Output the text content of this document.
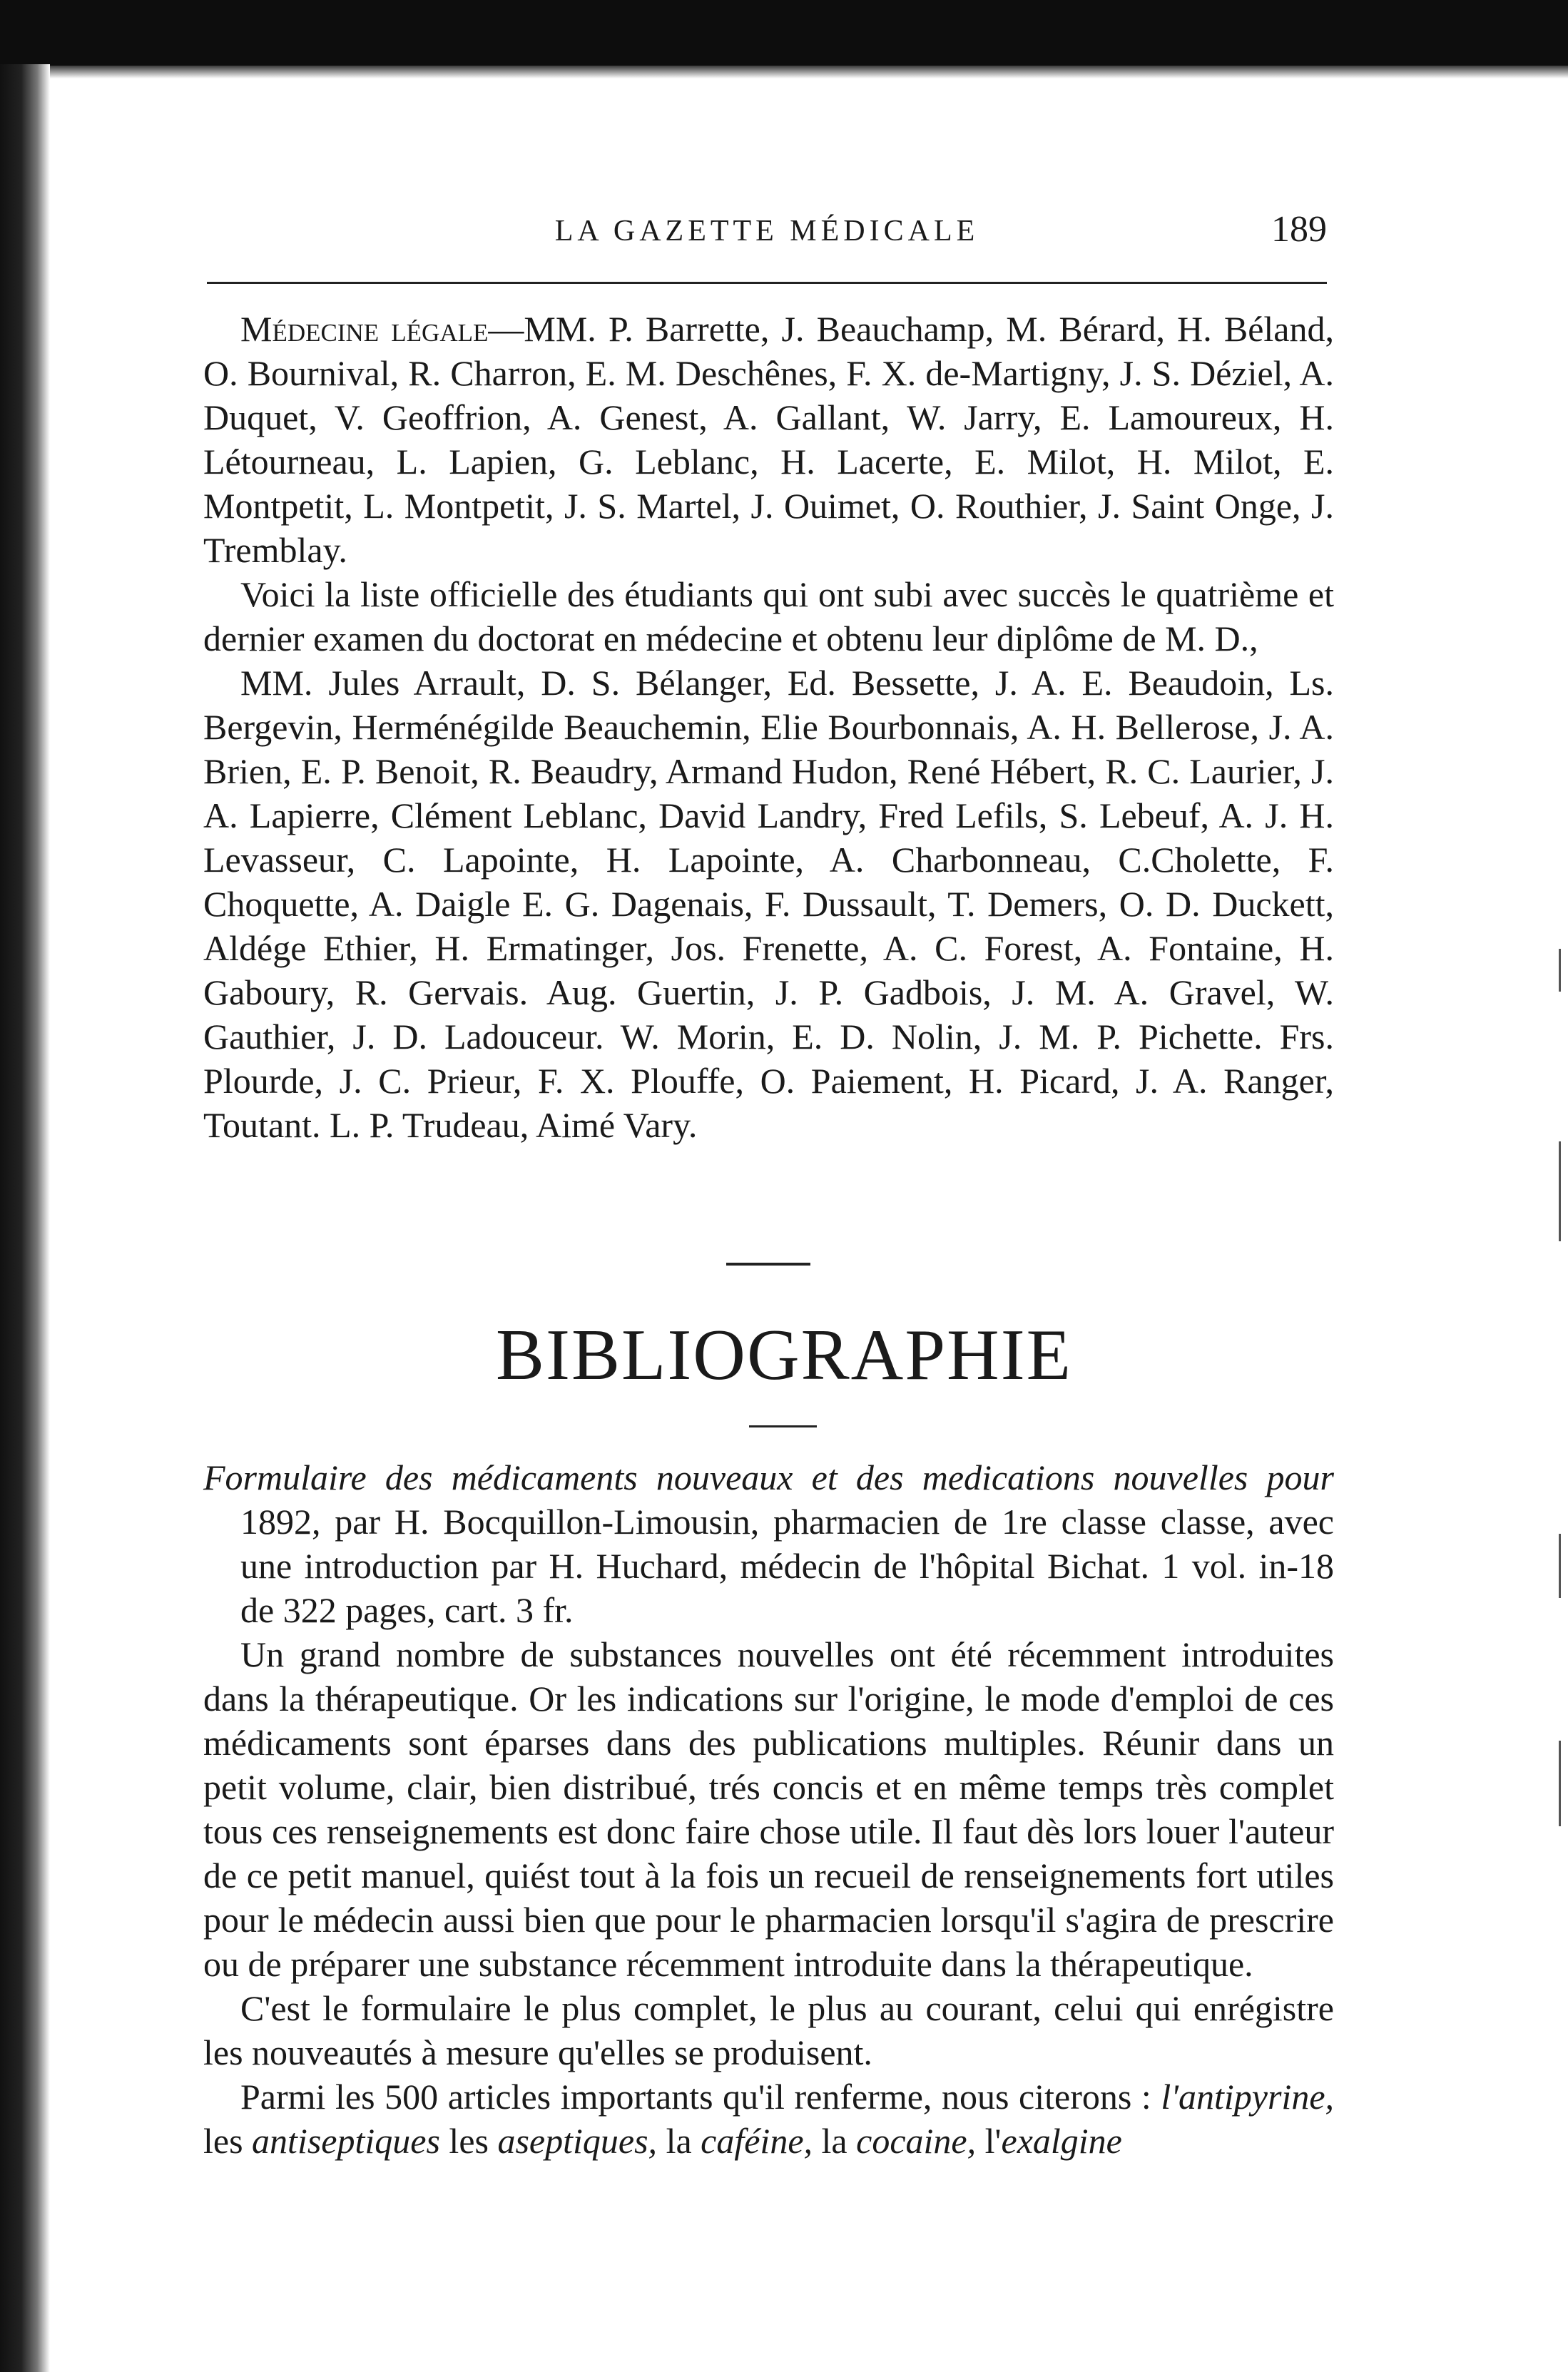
LA GAZETTE MÉDICALE	189

Médecine légale—MM. P. Barrette, J. Beauchamp, M. Bérard, H. Béland, O. Bournival, R. Charron, E. M. Deschênes, F. X. de-Martigny, J. S. Déziel, A. Duquet, V. Geoffrion, A. Genest, A. Gallant, W. Jarry, E. Lamoureux, H. Létourneau, L. Lapien, G. Leblanc, H. Lacerte, E. Milot, H. Milot, E. Montpetit, L. Montpetit, J. S. Martel, J. Ouimet, O. Routhier, J. Saint Onge, J. Tremblay.

Voici la liste officielle des étudiants qui ont subi avec succès le quatrième et dernier examen du doctorat en médecine et obtenu leur diplôme de M. D.,

MM. Jules Arrault, D. S. Bélanger, Ed. Bessette, J. A. E. Beaudoin, Ls. Bergevin, Herménégilde Beauchemin, Elie Bourbonnais, A. H. Bellerose, J. A. Brien, E. P. Benoit, R. Beaudry, Armand Hudon, René Hébert, R. C. Laurier, J. A. Lapierre, Clément Leblanc, David Landry, Fred Lefils, S. Lebeuf, A. J. H. Levasseur, C. Lapointe, H. Lapointe, A. Charbonneau, C.Cholette, F. Choquette, A. Daigle E. G. Dagenais, F. Dussault, T. Demers, O. D. Duckett, Aldége Ethier, H. Ermatinger, Jos. Frenette, A. C. Forest, A. Fontaine, H. Gaboury, R. Gervais. Aug. Guertin, J. P. Gadbois, J. M. A. Gravel, W. Gauthier, J. D. Ladouceur. W. Morin, E. D. Nolin, J. M. P. Pichette. Frs. Plourde, J. C. Prieur, F. X. Plouffe, O. Paiement, H. Picard, J. A. Ranger, Toutant. L. P. Trudeau, Aimé Vary.

BIBLIOGRAPHIE

Formulaire des médicaments nouveaux et des medications nouvelles pour 1892, par H. Bocquillon-Limousin, pharmacien de 1re classe classe, avec une introduction par H. Huchard, médecin de l'hôpital Bichat. 1 vol. in-18 de 322 pages, cart. 3 fr.

Un grand nombre de substances nouvelles ont été récemment introduites dans la thérapeutique. Or les indications sur l'origine, le mode d'emploi de ces médicaments sont éparses dans des publications multiples. Réunir dans un petit volume, clair, bien distribué, trés concis et en même temps très complet tous ces renseignements est donc faire chose utile. Il faut dès lors louer l'auteur de ce petit manuel, quiést tout à la fois un recueil de renseignements fort utiles pour le médecin aussi bien que pour le pharmacien lorsqu'il s'agira de prescrire ou de préparer une substance récemment introduite dans la thérapeutique.

C'est le formulaire le plus complet, le plus au courant, celui qui enrégistre les nouveautés à mesure qu'elles se produisent.

Parmi les 500 articles importants qu'il renferme, nous citerons : l'antipyrine, les antiseptiques les aseptiques, la caféine, la cocaine, l'exalgine
